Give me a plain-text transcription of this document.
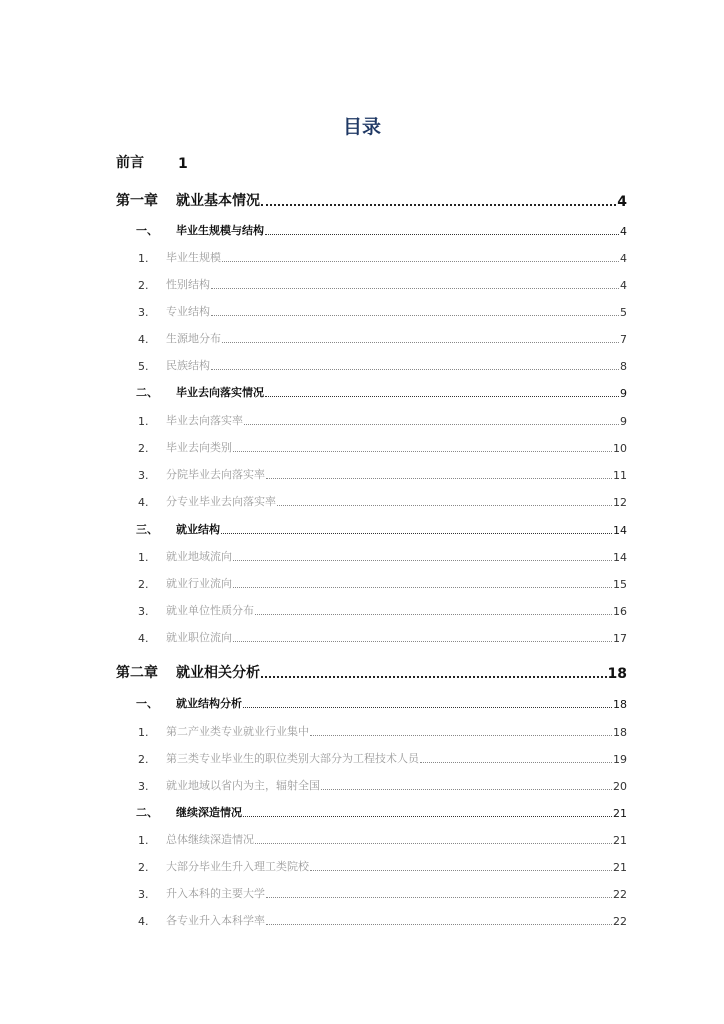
目录
前言	1
第一章	就业基本情况	4
一、	毕业生规模与结构	4
1.	毕业生规模	4
2.	性别结构	4
3.	专业结构	5
4.	生源地分布	7
5.	民族结构	8
二、	毕业去向落实情况	9
1.	毕业去向落实率	9
2.	毕业去向类别	10
3.	分院毕业去向落实率	11
4.	分专业毕业去向落实率	12
三、	就业结构	14
1.	就业地域流向	14
2.	就业行业流向	15
3.	就业单位性质分布	16
4.	就业职位流向	17
第二章	就业相关分析	18
一、	就业结构分析	18
1.	第二产业类专业就业行业集中	18
2.	第三类专业毕业生的职位类别大部分为工程技术人员	19
3.	就业地域以省内为主，辐射全国	20
二、	继续深造情况	21
1.	总体继续深造情况	21
2.	大部分毕业生升入理工类院校	21
3.	升入本科的主要大学	22
4.	各专业升入本科学率	22
